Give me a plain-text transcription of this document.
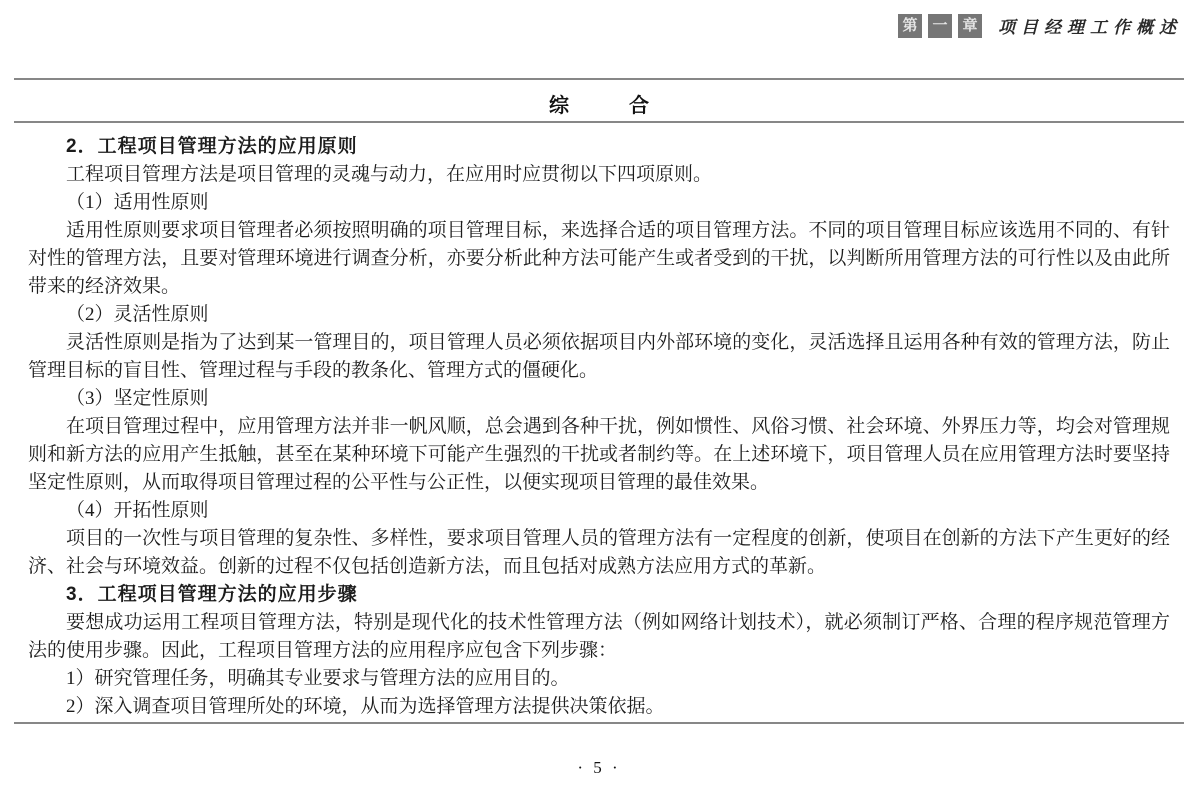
第 一 章 项目经理工作概述
综　　　合

2．工程项目管理方法的应用原则

工程项目管理方法是项目管理的灵魂与动力，在应用时应贯彻以下四项原则。

（1）适用性原则

适用性原则要求项目管理者必须按照明确的项目管理目标，来选择合适的项目管理方法。不同的项目管理目标应该选用不同的、有针对性的管理方法，且要对管理环境进行调查分析，亦要分析此种方法可能产生或者受到的干扰，以判断所用管理方法的可行性以及由此所带来的经济效果。

（2）灵活性原则

灵活性原则是指为了达到某一管理目的，项目管理人员必须依据项目内外部环境的变化，灵活选择且运用各种有效的管理方法，防止管理目标的盲目性、管理过程与手段的教条化、管理方式的僵硬化。

（3）坚定性原则

在项目管理过程中，应用管理方法并非一帆风顺，总会遇到各种干扰，例如惯性、风俗习惯、社会环境、外界压力等，均会对管理规则和新方法的应用产生抵触，甚至在某种环境下可能产生强烈的干扰或者制约等。在上述环境下，项目管理人员在应用管理方法时要坚持坚定性原则，从而取得项目管理过程的公平性与公正性，以便实现项目管理的最佳效果。

（4）开拓性原则

项目的一次性与项目管理的复杂性、多样性，要求项目管理人员的管理方法有一定程度的创新，使项目在创新的方法下产生更好的经济、社会与环境效益。创新的过程不仅包括创造新方法，而且包括对成熟方法应用方式的革新。

3．工程项目管理方法的应用步骤

要想成功运用工程项目管理方法，特别是现代化的技术性管理方法（例如网络计划技术），就必须制订严格、合理的程序规范管理方法的使用步骤。因此，工程项目管理方法的应用程序应包含下列步骤：

1）研究管理任务，明确其专业要求与管理方法的应用目的。

2）深入调查项目管理所处的环境，从而为选择管理方法提供决策依据。

· 5 ·
